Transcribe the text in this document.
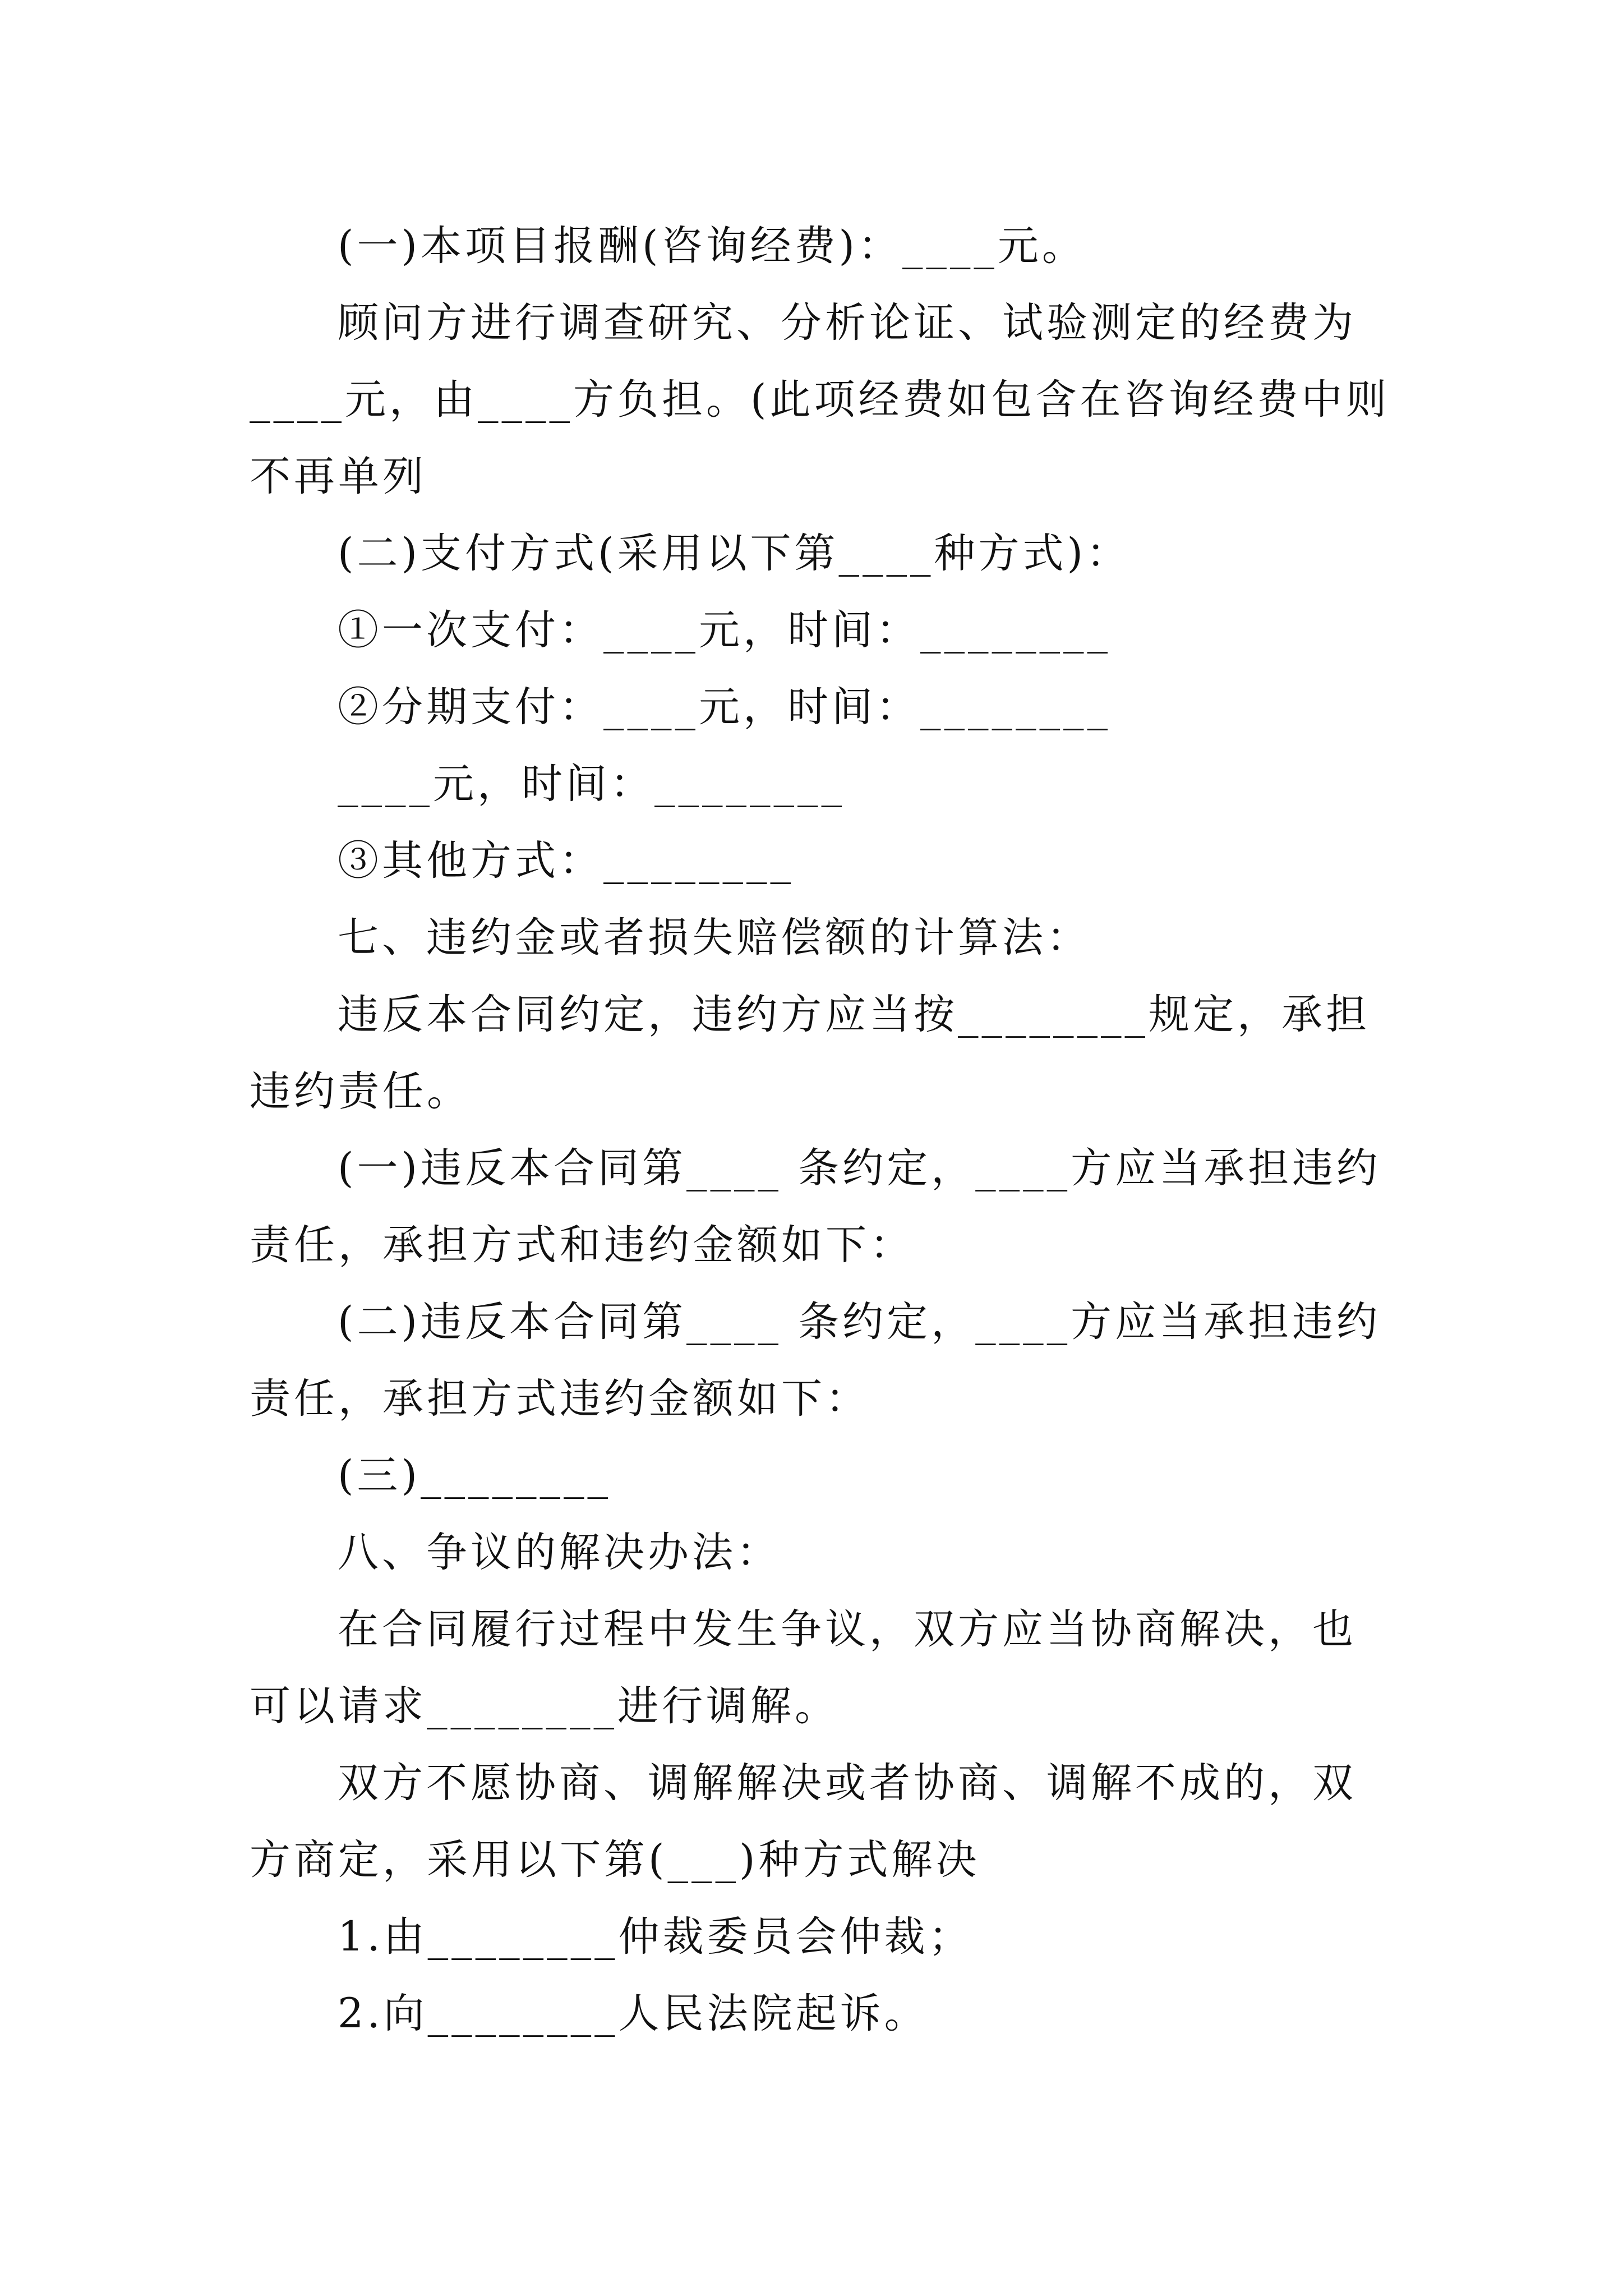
(一)本项目报酬(咨询经费)：____元。

顾问方进行调查研究、分析论证、试验测定的经费为____元，由____方负担。(此项经费如包含在咨询经费中则不再单列

(二)支付方式(采用以下第____种方式)：

①一次支付：____元，时间：________

②分期支付：____元，时间：________

____元，时间：________

③其他方式：________

七、违约金或者损失赔偿额的计算法：

违反本合同约定，违约方应当按________规定，承担违约责任。

(一)违反本合同第____ 条约定，____方应当承担违约责任，承担方式和违约金额如下：

(二)违反本合同第____ 条约定，____方应当承担违约责任，承担方式违约金额如下：

(三)________

八、争议的解决办法：

在合同履行过程中发生争议，双方应当协商解决，也可以请求________进行调解。

双方不愿协商、调解解决或者协商、调解不成的，双方商定，采用以下第(___)种方式解决

1.由________仲裁委员会仲裁；

2.向________人民法院起诉。
